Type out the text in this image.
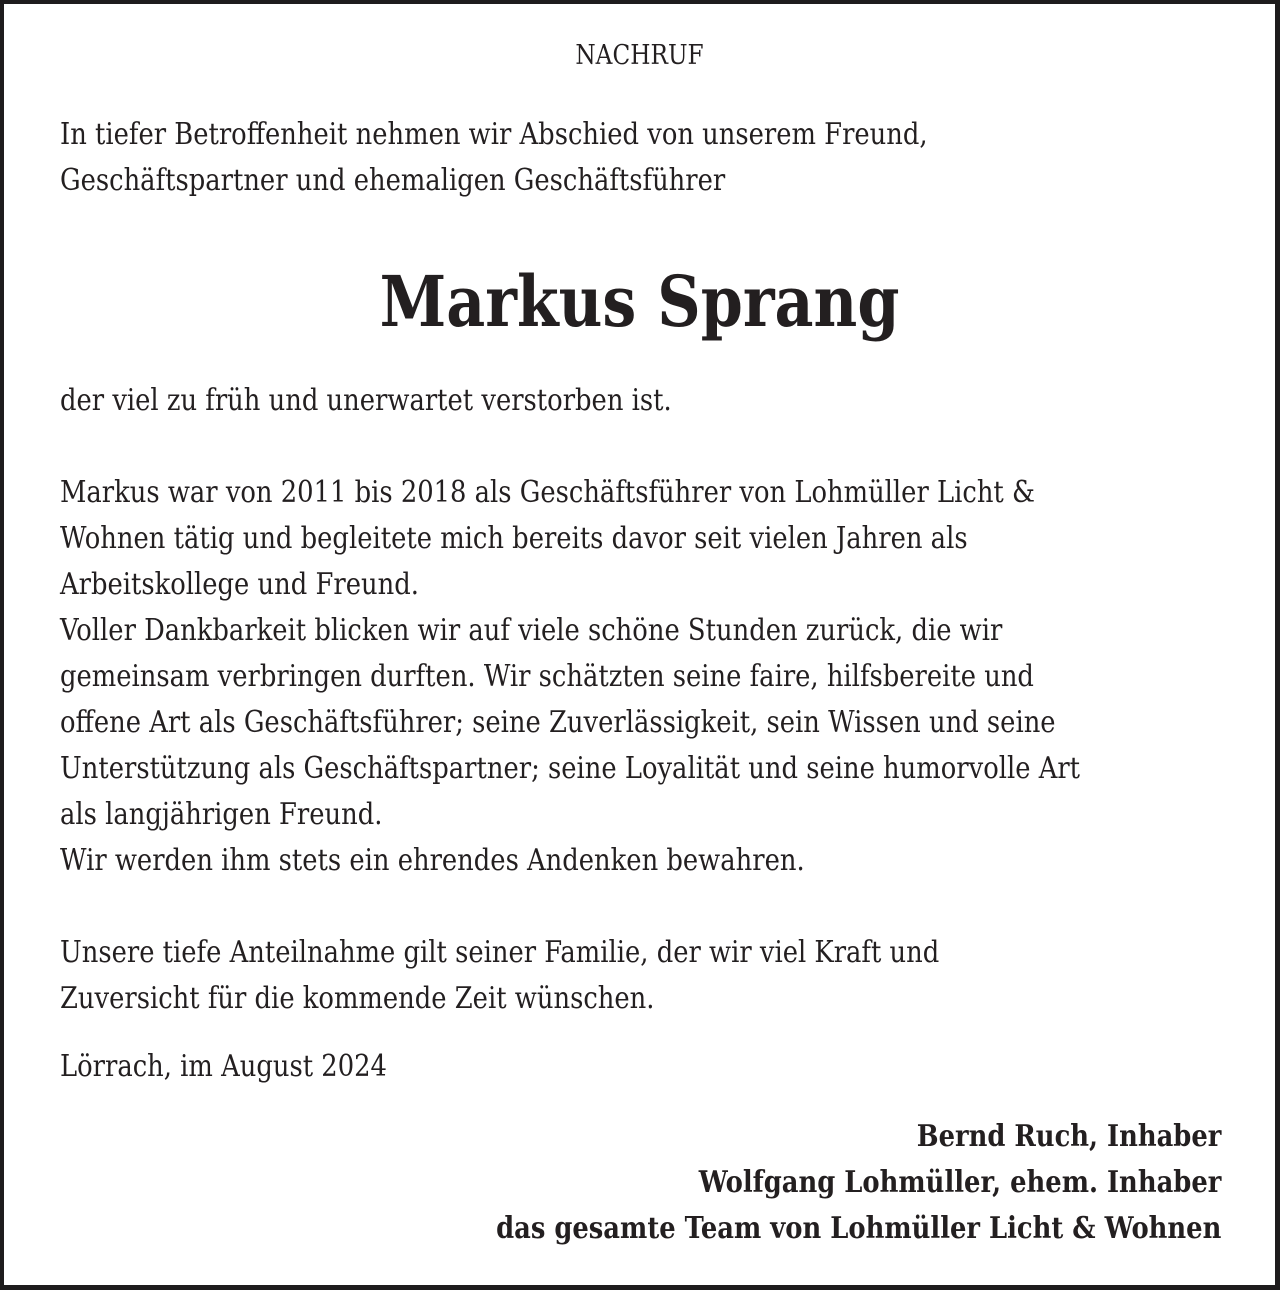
NACHRUF
In tiefer Betroffenheit nehmen wir Abschied von unserem Freund,
Geschäftspartner und ehemaligen Geschäftsführer
Markus Sprang
der viel zu früh und unerwartet verstorben ist.
Markus war von 2011 bis 2018 als Geschäftsführer von Lohmüller Licht &
Wohnen tätig und begleitete mich bereits davor seit vielen Jahren als
Arbeitskollege und Freund.
Voller Dankbarkeit blicken wir auf viele schöne Stunden zurück, die wir
gemeinsam verbringen durften. Wir schätzten seine faire, hilfsbereite und
offene Art als Geschäftsführer; seine Zuverlässigkeit, sein Wissen und seine
Unterstützung als Geschäftspartner; seine Loyalität und seine humorvolle Art
als langjährigen Freund.
Wir werden ihm stets ein ehrendes Andenken bewahren.
Unsere tiefe Anteilnahme gilt seiner Familie, der wir viel Kraft und
Zuversicht für die kommende Zeit wünschen.
Lörrach, im August 2024
Bernd Ruch, Inhaber
Wolfgang Lohmüller, ehem. Inhaber
das gesamte Team von Lohmüller Licht & Wohnen
